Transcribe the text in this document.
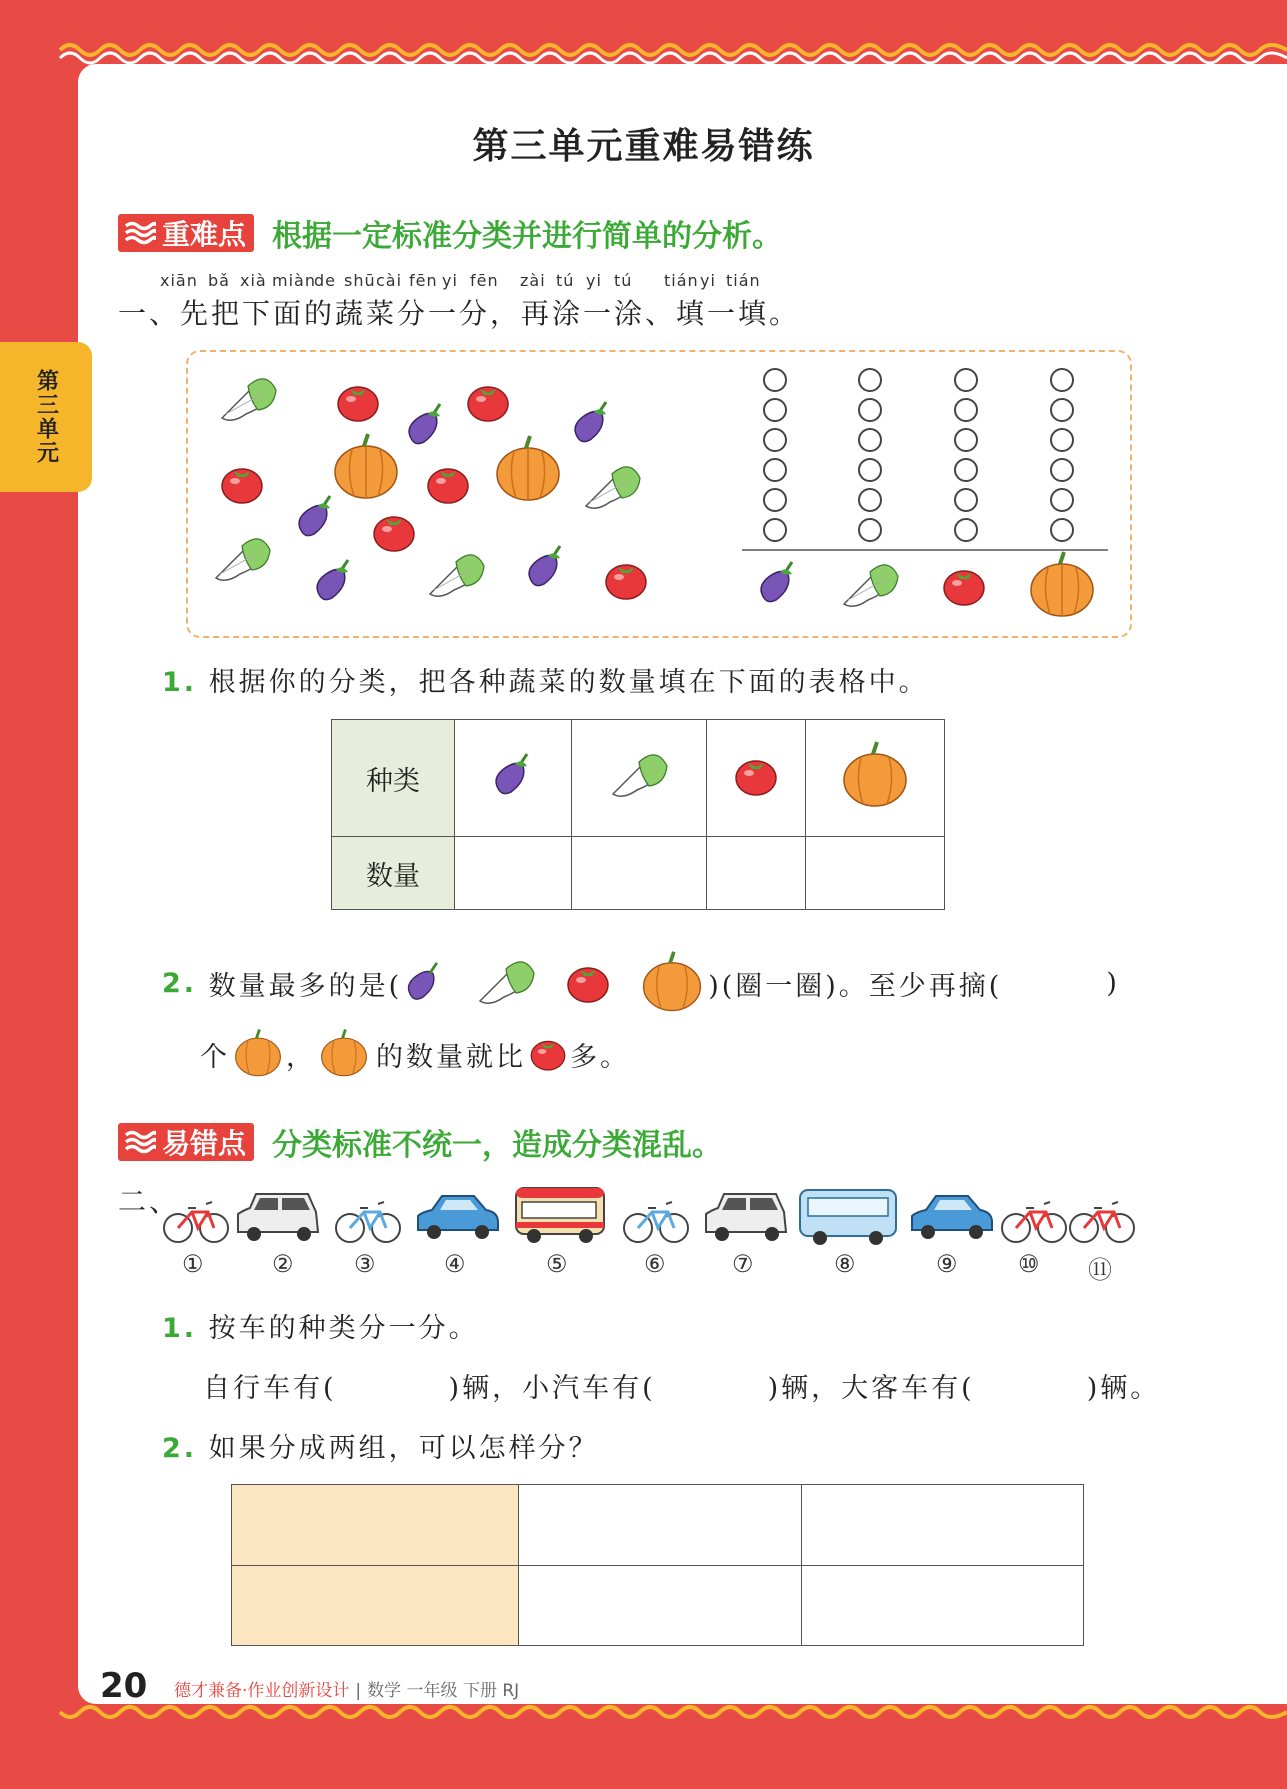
第三单元
第三单元重难易错练
重难点 根据一定标准分类并进行简单的分析。
xiān bǎ xià miànde shūcài fēn yi fēn zài tú yi tú tiányi tián
一、先把下面的蔬菜分一分，再涂一涂、填一填。
1. 根据你的分类，把各种蔬菜的数量填在下面的表格中。
种类				
数量				
2.
数量最多的是(	)(圈一圈)。至少再摘(	)
个 ， 的数量就比 多。
易错点 分类标准不统一，造成分类混乱。
二、
①	②	③	④	⑤	⑥	⑦	⑧	⑨	⑩ ⑪
1. 按车的种类分一分。
自行车有(	)辆，小汽车有(	)辆，大客车有(	)辆。
2. 如果分成两组，可以怎样分？

20 德才兼备·作业创新设计 | 数学 一年级 下册 RJ
